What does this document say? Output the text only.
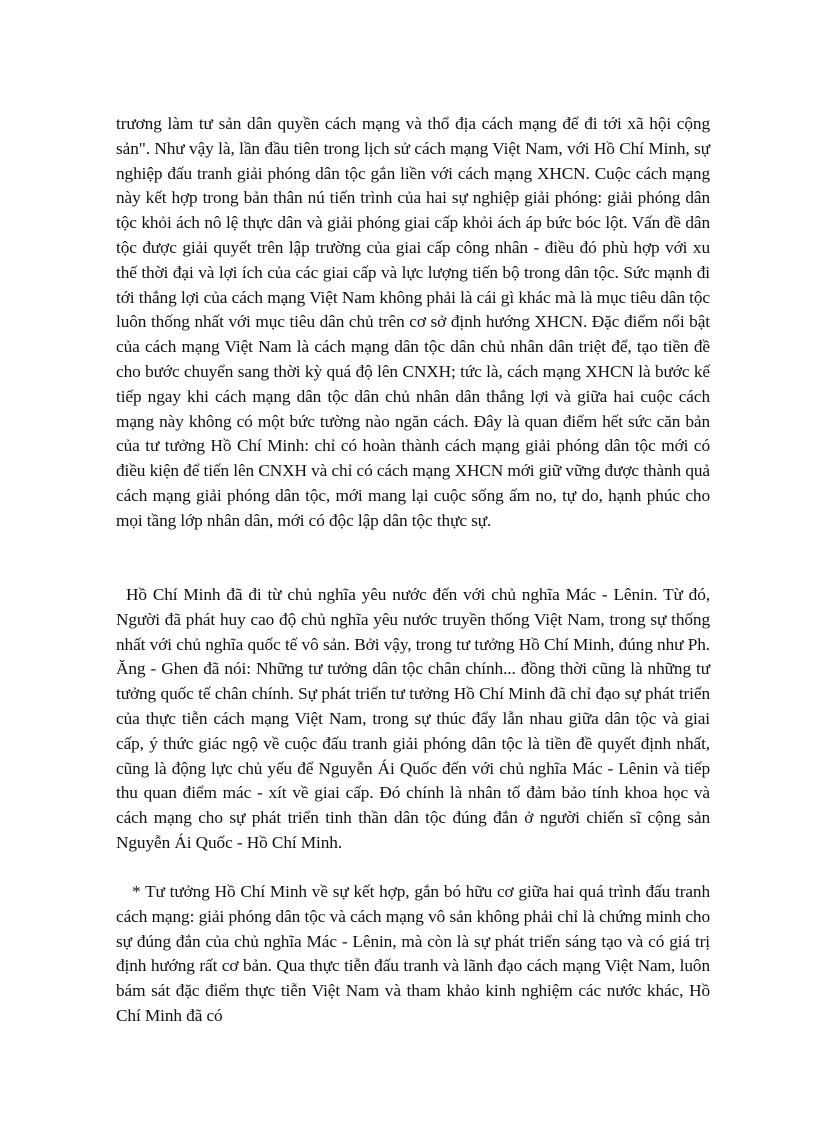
trương làm tư sản dân quyền cách mạng và thổ địa cách mạng để đi tới xã hội cộng sản". Như vậy là, lần đầu tiên trong lịch sử cách mạng Việt Nam, với Hồ Chí Minh, sự nghiệp đấu tranh giải phóng dân tộc gắn liền với cách mạng XHCN. Cuộc cách mạng này kết hợp trong bản thân nú tiến trình của hai sự nghiệp giải phóng: giải phóng dân tộc khỏi ách nô lệ thực dân và giải phóng giai cấp khỏi ách áp bức bóc lột. Vấn đề dân tộc được giải quyết trên lập trường của giai cấp công nhân - điều đó phù hợp với xu thế thời đại và lợi ích của các giai cấp và lực lượng tiến bộ trong dân tộc. Sức mạnh đi tới thắng lợi của cách mạng Việt Nam không phải là cái gì khác mà là mục tiêu dân tộc luôn thống nhất với mục tiêu dân chủ trên cơ sở định hướng XHCN. Đặc điểm nổi bật của cách mạng Việt Nam là cách mạng dân tộc dân chủ nhân dân triệt để, tạo tiền đề cho bước chuyển sang thời kỳ quá độ lên CNXH; tức là, cách mạng XHCN là bước kế tiếp ngay khi cách mạng dân tộc dân chủ nhân dân thắng lợi và giữa hai cuộc cách mạng này không có một bức tường nào ngăn cách. Đây là quan điểm hết sức căn bản của tư tưởng Hồ Chí Minh: chỉ có hoàn thành cách mạng giải phóng dân tộc mới có điều kiện để tiến lên CNXH và chỉ có cách mạng XHCN mới giữ vững được thành quả cách mạng giải phóng dân tộc, mới mang lại cuộc sống ấm no, tự do, hạnh phúc cho mọi tầng lớp nhân dân, mới có độc lập dân tộc thực sự.

Hồ Chí Minh đã đi từ chủ nghĩa yêu nước đến với chủ nghĩa Mác - Lênin. Từ đó, Người đã phát huy cao độ chủ nghĩa yêu nước truyền thống Việt Nam, trong sự thống nhất với chủ nghĩa quốc tế vô sản. Bởi vậy, trong tư tưởng Hồ Chí Minh, đúng như Ph. Ăng - Ghen đã nói: Những tư tưởng dân tộc chân chính... đồng thời cũng là những tư tưởng quốc tế chân chính. Sự phát triển tư tưởng Hồ Chí Minh đã chỉ đạo sự phát triển của thực tiễn cách mạng Việt Nam, trong sự thúc đẩy lẫn nhau giữa dân tộc và giai cấp, ý thức giác ngộ về cuộc đấu tranh giải phóng dân tộc là tiền đề quyết định nhất, cũng là động lực chủ yếu để Nguyễn Ái Quốc đến với chủ nghĩa Mác - Lênin và tiếp thu quan điểm mác - xít về giai cấp. Đó chính là nhân tố đảm bảo tính khoa học và cách mạng cho sự phát triển tinh thần dân tộc đúng đắn ở người chiến sĩ cộng sản Nguyễn Ái Quốc - Hồ Chí Minh.

* Tư tưởng Hồ Chí Minh về sự kết hợp, gắn bó hữu cơ giữa hai quá trình đấu tranh cách mạng: giải phóng dân tộc và cách mạng vô sản không phải chỉ là chứng minh cho sự đúng đắn của chủ nghĩa Mác - Lênin, mà còn là sự phát triển sáng tạo và có giá trị định hướng rất cơ bản. Qua thực tiễn đấu tranh và lãnh đạo cách mạng Việt Nam, luôn bám sát đặc điểm thực tiễn Việt Nam và tham khảo kinh nghiệm các nước khác, Hồ Chí Minh đã có
